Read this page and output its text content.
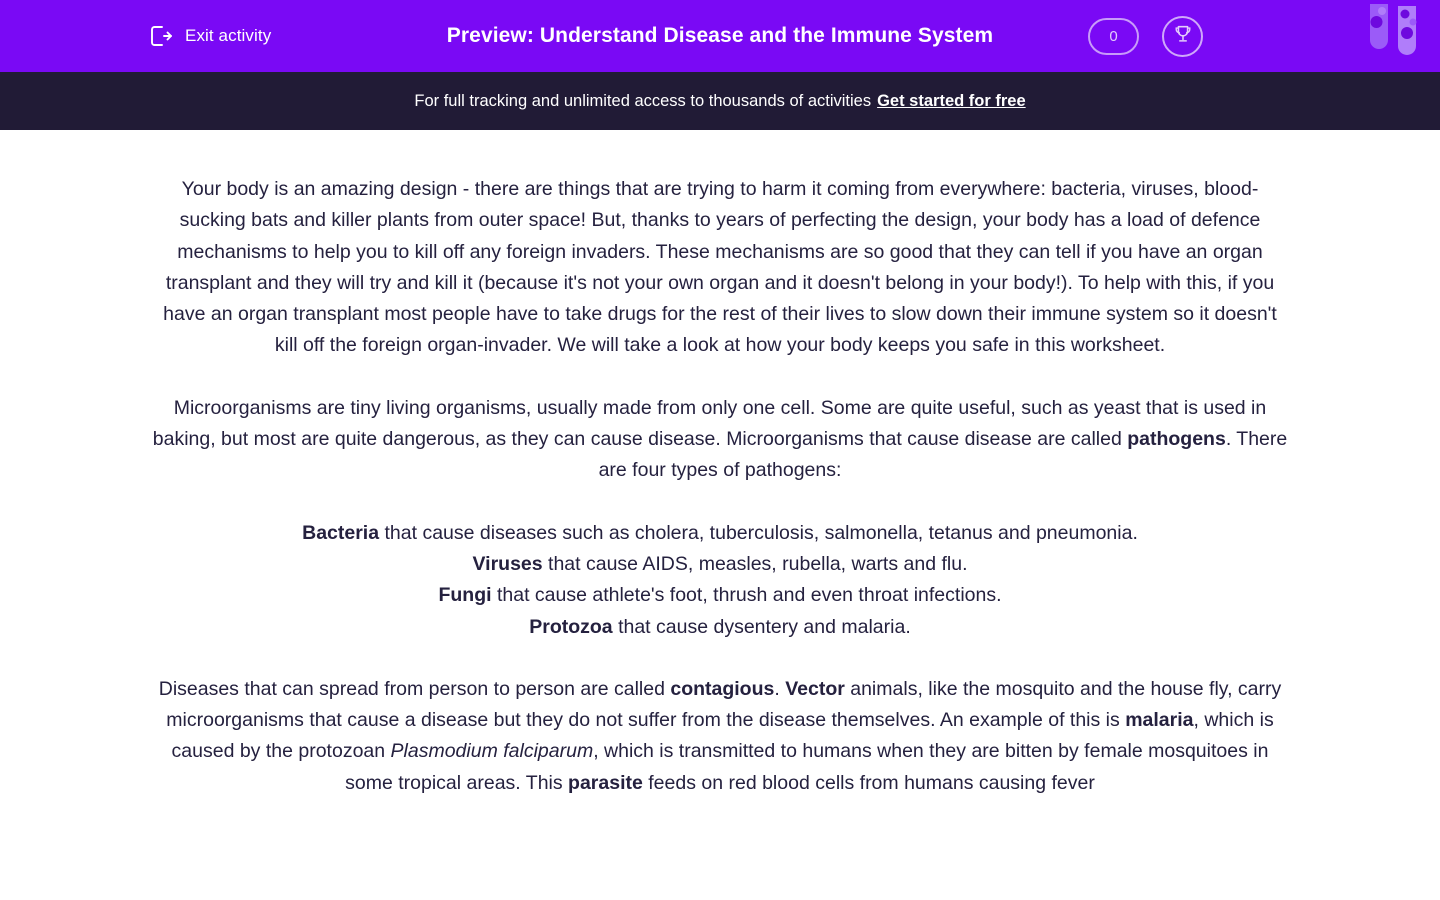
Exit activity	Preview: Understand Disease and the Immune System	0
For full tracking and unlimited access to thousands of activities Get started for free

Your body is an amazing design - there are things that are trying to harm it coming from everywhere: bacteria, viruses, blood-sucking bats and killer plants from outer space! But, thanks to years of perfecting the design, your body has a load of defence mechanisms to help you to kill off any foreign invaders. These mechanisms are so good that they can tell if you have an organ transplant and they will try and kill it (because it's not your own organ and it doesn't belong in your body!). To help with this, if you have an organ transplant most people have to take drugs for the rest of their lives to slow down their immune system so it doesn't kill off the foreign organ-invader. We will take a look at how your body keeps you safe in this worksheet.

Microorganisms are tiny living organisms, usually made from only one cell. Some are quite useful, such as yeast that is used in baking, but most are quite dangerous, as they can cause disease. Microorganisms that cause disease are called pathogens. There are four types of pathogens:

Bacteria that cause diseases such as cholera, tuberculosis, salmonella, tetanus and pneumonia.
Viruses that cause AIDS, measles, rubella, warts and flu.
Fungi that cause athlete's foot, thrush and even throat infections.
Protozoa that cause dysentery and malaria.

Diseases that can spread from person to person are called contagious. Vector animals, like the mosquito and the house fly, carry microorganisms that cause a disease but they do not suffer from the disease themselves. An example of this is malaria, which is caused by the protozoan Plasmodium falciparum, which is transmitted to humans when they are bitten by female mosquitoes in some tropical areas. This parasite feeds on red blood cells from humans causing fever
